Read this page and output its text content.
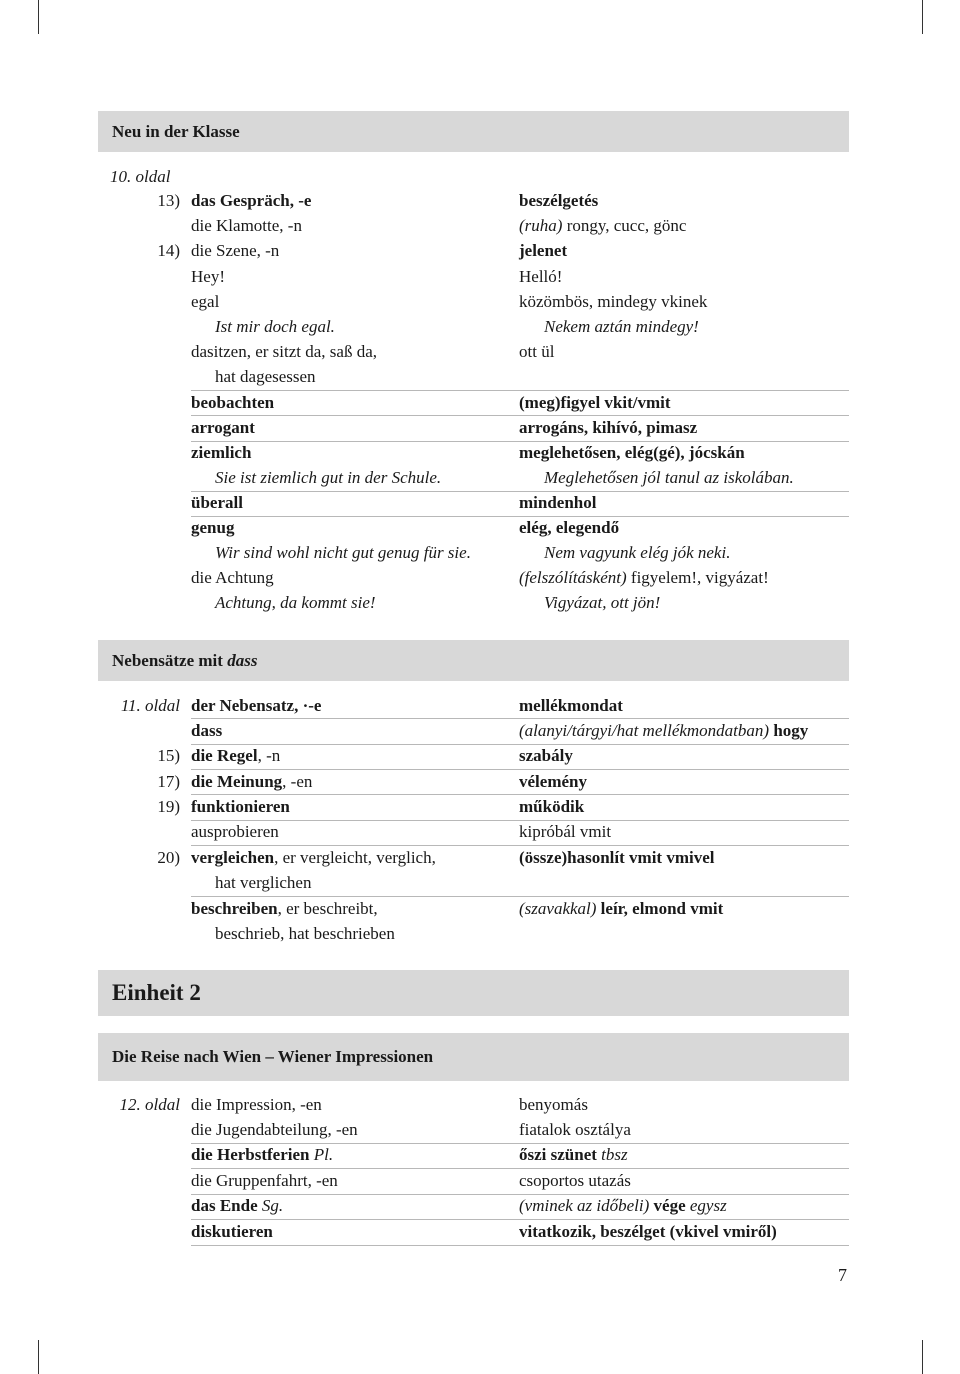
Neu in der Klasse
10. oldal
13) das Gespräch, -e	beszélgetés
die Klamotte, -n	(ruha) rongy, cucc, gönc
14) die Szene, -n	jelenet
Hey!	Helló!
egal	közömbös, mindegy vkinek
Ist mir doch egal.	Nekem aztán mindegy!
dasitzen, er sitzt da, saß da,	ott ül
hat dagesessen
beobachten	(meg)figyel vkit/vmit
arrogant	arrogáns, kihívó, pimasz
ziemlich	meglehetősen, elég(gé), jócskán
Sie ist ziemlich gut in der Schule.	Meglehetősen jól tanul az iskolában.
überall	mindenhol
genug	elég, elegendő
Wir sind wohl nicht gut genug für sie.	Nem vagyunk elég jók neki.
die Achtung	(felszólításként) figyelem!, vigyázat!
Achtung, da kommt sie!	Vigyázat, ott jön!
Nebensätze mit dass
11. oldal der Nebensatz, ·-e	mellékmondat
dass	(alanyi/tárgyi/hat mellékmondatban) hogy
15) die Regel, -n	szabály
17) die Meinung, -en	vélemény
19) funktionieren	működik
ausprobieren	kipróbál vmit
20) vergleichen, er vergleicht, verglich,	(össze)hasonlít vmit vmivel
hat verglichen
beschreiben, er beschreibt,	(szavakkal) leír, elmond vmit
beschrieb, hat beschrieben
Einheit 2
Die Reise nach Wien – Wiener Impressionen
12. oldal die Impression, -en	benyomás
die Jugendabteilung, -en	fiatalok osztálya
die Herbstferien Pl.	őszi szünet tbsz
die Gruppenfahrt, -en	csoportos utazás
das Ende Sg.	(vminek az időbeli) vége egysz
diskutieren	vitatkozik, beszélget (vkivel vmiről)
7
